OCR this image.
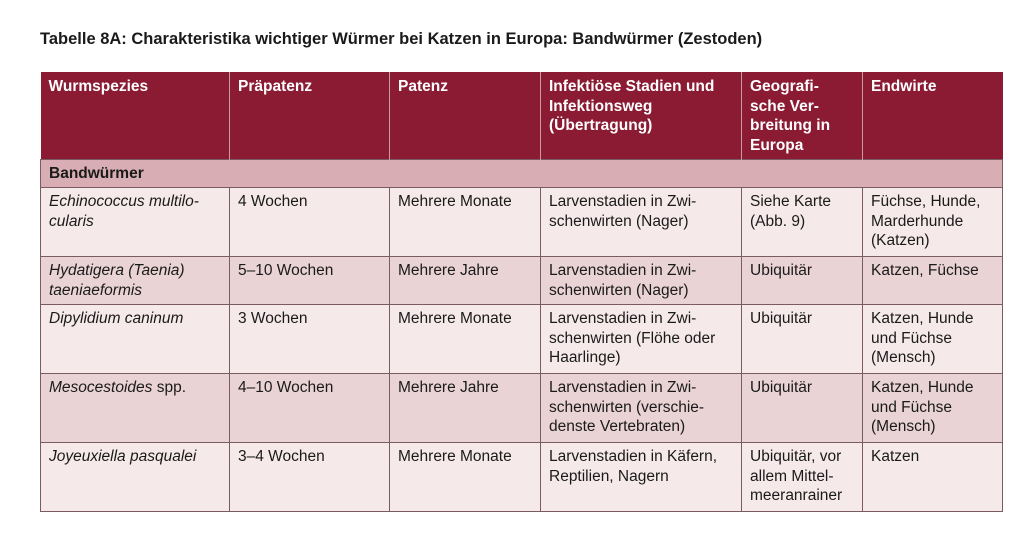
Tabelle 8A: Charakteristika wichtiger Würmer bei Katzen in Europa: Bandwürmer (Zestoden)
Wurmspezies	Präpatenz	Patenz	Infektiöse Stadien und Infektionsweg (Übertragung)	Geografi-sche Ver-breitung in Europa	Endwirte
Bandwürmer					
Echinococcus multilo-cularis	4 Wochen	Mehrere Monate	Larvenstadien in Zwi-schenwirten (Nager)	Siehe Karte (Abb. 9)	Füchse, Hunde, Marderhunde (Katzen)
Hydatigera (Taenia) taeniaeformis	5–10 Wochen	Mehrere Jahre	Larvenstadien in Zwi-schenwirten (Nager)	Ubiquitär	Katzen, Füchse
Dipylidium caninum	3 Wochen	Mehrere Monate	Larvenstadien in Zwi-schenwirten (Flöhe oder Haarlinge)	Ubiquitär	Katzen, Hunde und Füchse (Mensch)
Mesocestoides spp.	4–10 Wochen	Mehrere Jahre	Larvenstadien in Zwi-schenwirten (verschie-denste Vertebraten)	Ubiquitär	Katzen, Hunde und Füchse (Mensch)
Joyeuxiella pasqualei	3–4 Wochen	Mehrere Monate	Larvenstadien in Käfern, Reptilien, Nagern	Ubiquitär, vor allem Mittel-meeranrainer	Katzen
